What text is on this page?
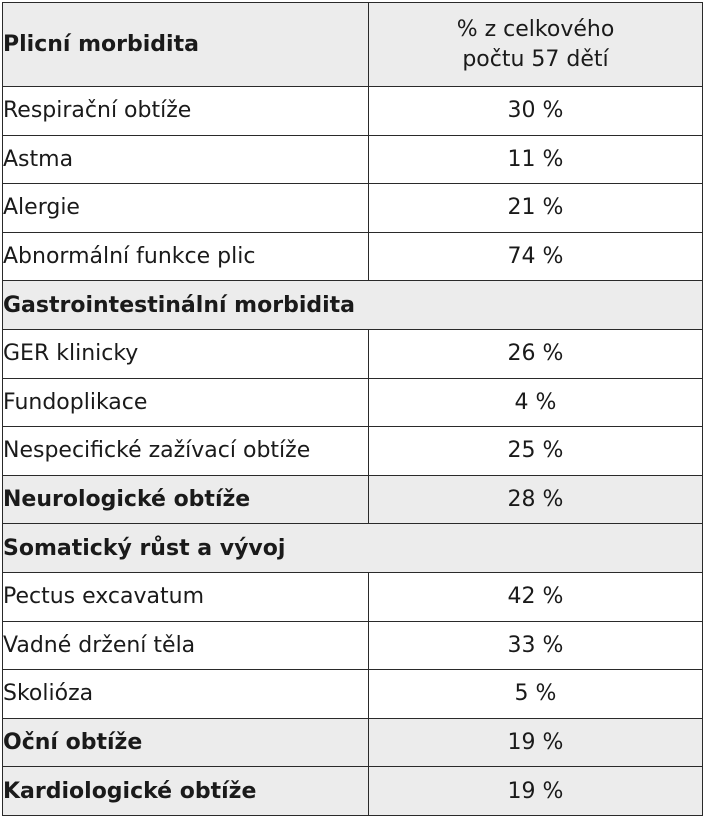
Plicní morbidita	% z celkového
počtu 57 dětí
Respirační obtíže	30 %
Astma	11 %
Alergie	21 %
Abnormální funkce plic	74 %
Gastrointestinální morbidita	
GER klinicky	26 %
Fundoplikace	4 %
Nespecifické zažívací obtíže	25 %
Neurologické obtíže	28 %
Somatický růst a vývoj	
Pectus excavatum	42 %
Vadné držení těla	33 %
Skolióza	5 %
Oční obtíže	19 %
Kardiologické obtíže	19 %
